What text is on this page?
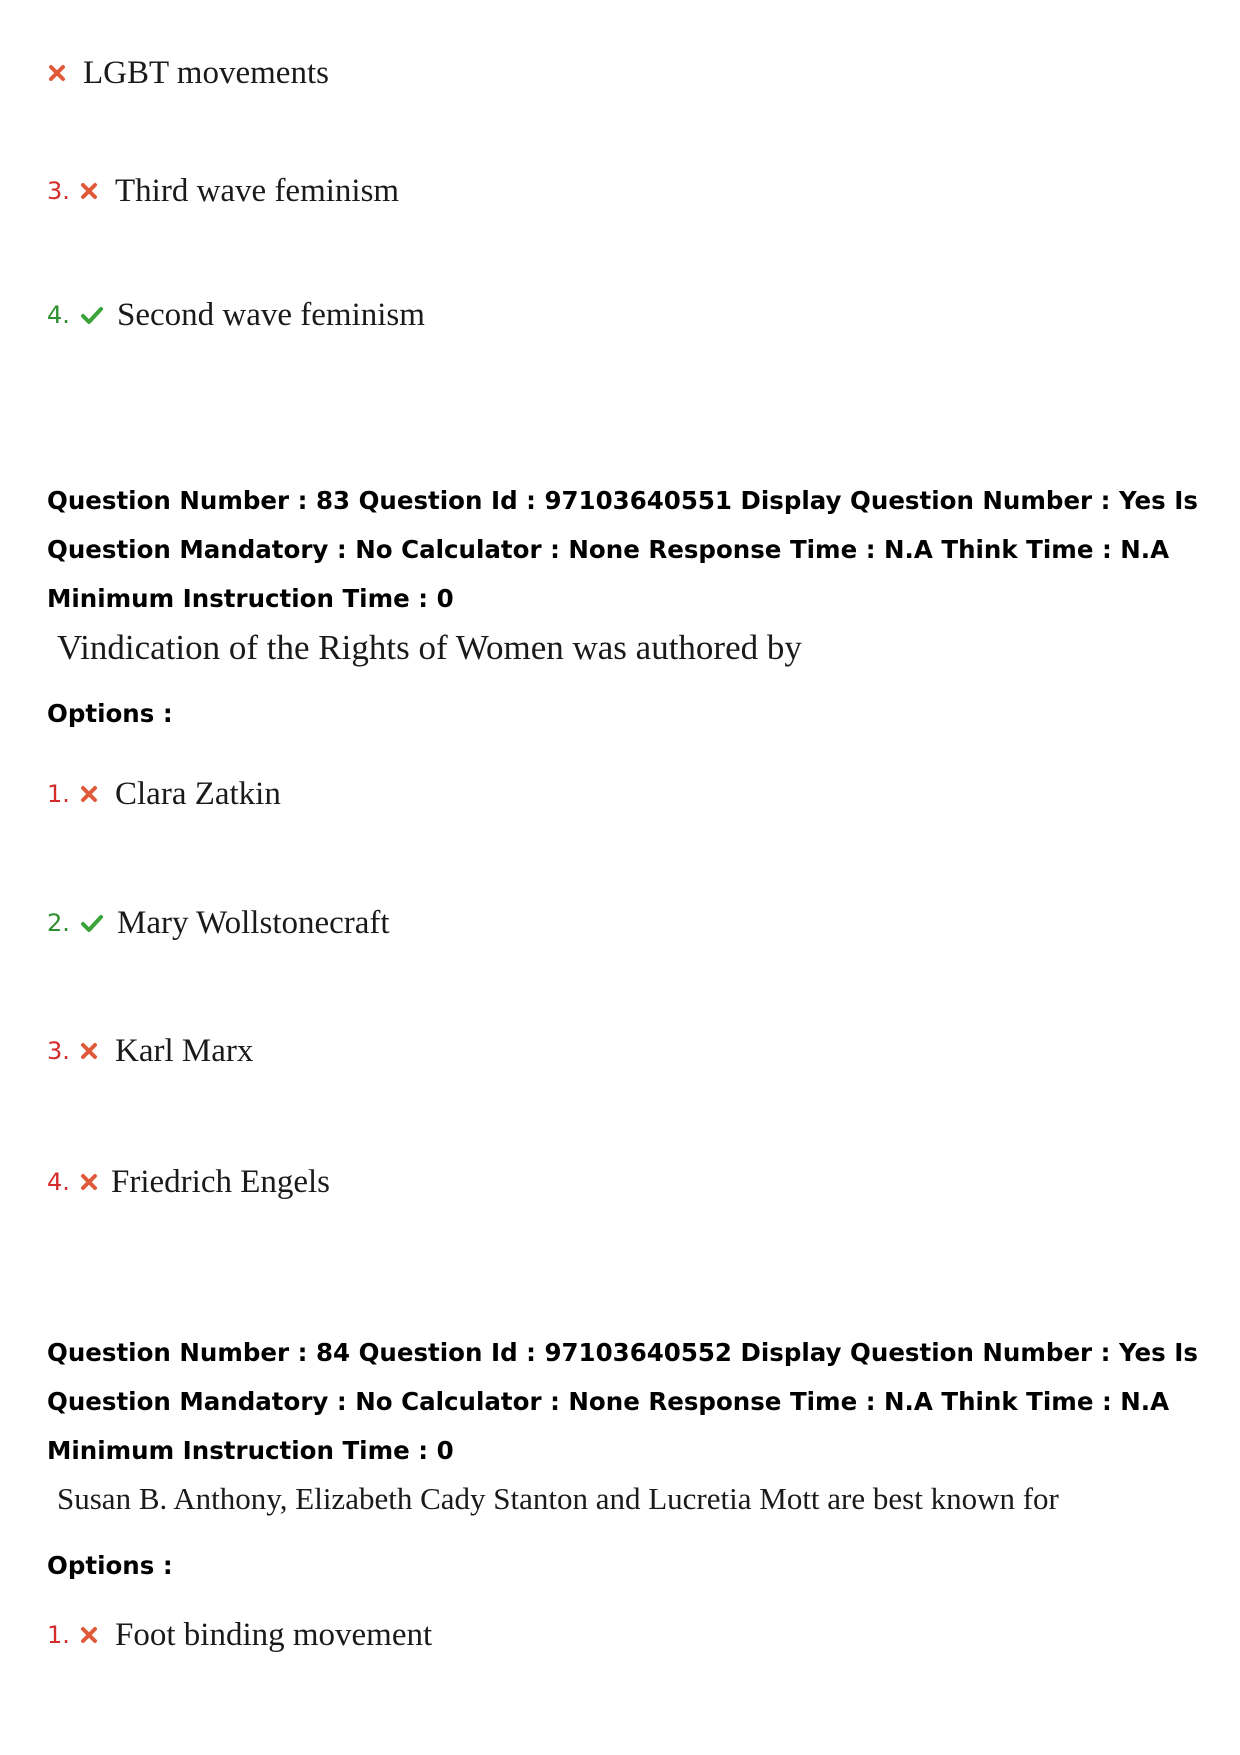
LGBT movements
3. Third wave feminism
4. Second wave feminism
Question Number : 83 Question Id : 97103640551 Display Question Number : Yes Is Question Mandatory : No Calculator : None Response Time : N.A Think Time : N.A Minimum Instruction Time : 0
Vindication of the Rights of Women was authored by
Options :
1. Clara Zatkin
2. Mary Wollstonecraft
3. Karl Marx
4. Friedrich Engels
Question Number : 84 Question Id : 97103640552 Display Question Number : Yes Is Question Mandatory : No Calculator : None Response Time : N.A Think Time : N.A Minimum Instruction Time : 0
Susan B. Anthony, Elizabeth Cady Stanton and Lucretia Mott are best known for
Options :
1. Foot binding movement
